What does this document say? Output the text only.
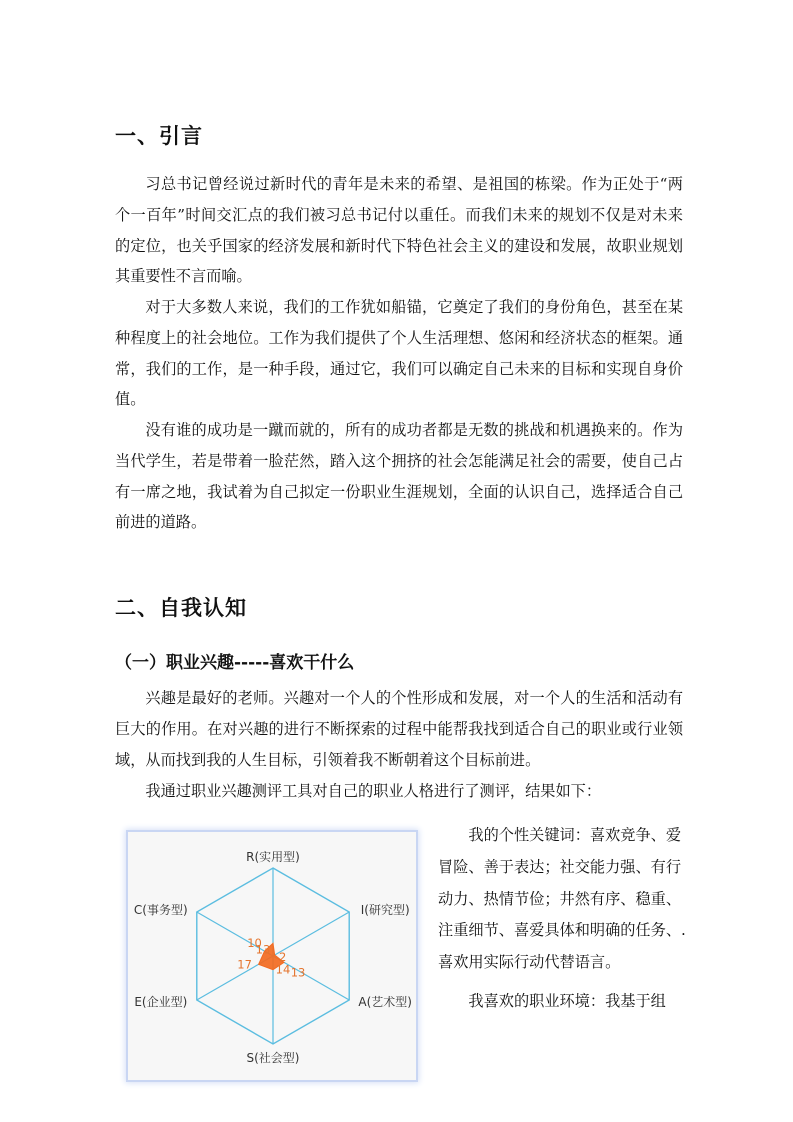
一、引言

习总书记曾经说过新时代的青年是未来的希望、是祖国的栋梁。作为正处于“两个一百年”时间交汇点的我们被习总书记付以重任。而我们未来的规划不仅是对未来的定位，也关乎国家的经济发展和新时代下特色社会主义的建设和发展，故职业规划其重要性不言而喻。

对于大多数人来说，我们的工作犹如船锚，它奠定了我们的身份角色，甚至在某种程度上的社会地位。工作为我们提供了个人生活理想、悠闲和经济状态的框架。通常，我们的工作，是一种手段，通过它，我们可以确定自己未来的目标和实现自身价值。

没有谁的成功是一蹴而就的，所有的成功者都是无数的挑战和机遇换来的。作为当代学生，若是带着一脸茫然，踏入这个拥挤的社会怎能满足社会的需要，使自己占有一席之地，我试着为自己拟定一份职业生涯规划，全面的认识自己，选择适合自己前进的道路。

二、自我认知
（一）职业兴趣-----喜欢干什么

兴趣是最好的老师。兴趣对一个人的个性形成和发展，对一个人的生活和活动有巨大的作用。在对兴趣的进行不断探索的过程中能帮我找到适合自己的职业或行业领域，从而找到我的人生目标，引领着我不断朝着这个目标前进。

我通过职业兴趣测评工具对自己的职业人格进行了测评，结果如下：

R(实用型)
I(研究型)
A(艺术型)
S(社会型)
E(企业型)
C(事务型)
13
2
13
14
17
10

我的个性关键词：喜欢竞争、爱冒险、善于表达；社交能力强、有行动力、热情节俭；井然有序、稳重、注重细节、喜爱具体和明确的任务、.喜欢用实际行动代替语言。

我喜欢的职业环境：我基于组
